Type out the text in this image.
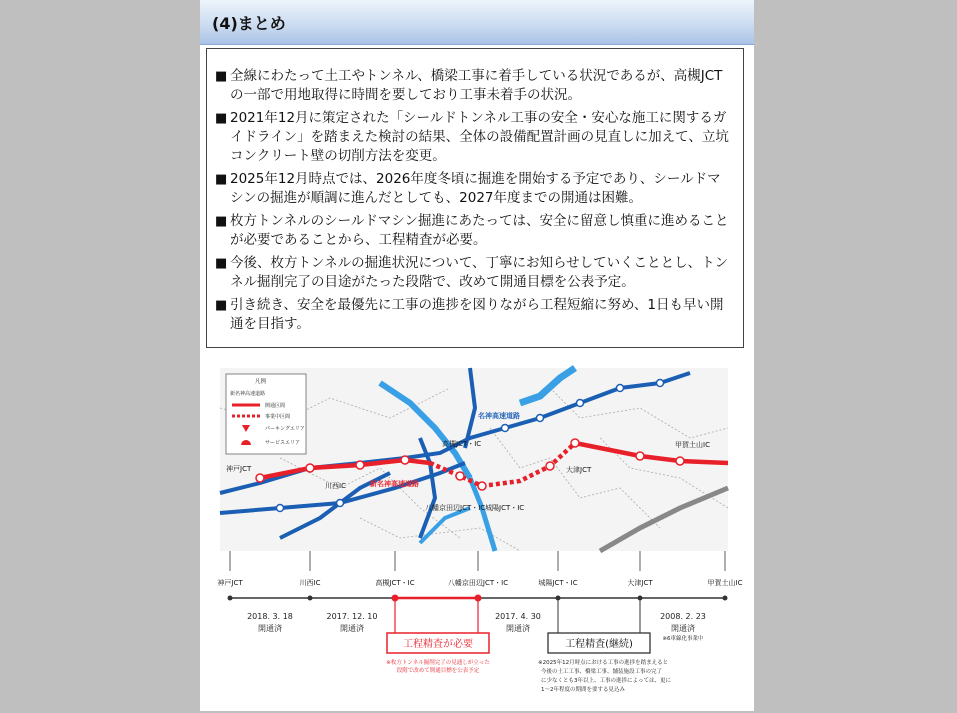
(4)まとめ
■ 全線にわたって土工やトンネル、橋梁工事に着手している状況であるが、高槻JCTの一部で用地取得に時間を要しており工事未着手の状況。
■ 2021年12月に策定された「シールドトンネル工事の安全・安心な施工に関するガイドライン」を踏まえた検討の結果、全体の設備配置計画の見直しに加えて、立坑コンクリート壁の切削方法を変更。
■ 2025年12月時点では、2026年度冬頃に掘進を開始する予定であり、シールドマシンの掘進が順調に進んだとしても、2027年度までの開通は困難。
■ 枚方トンネルのシールドマシン掘進にあたっては、安全に留意し慎重に進めることが必要であることから、工程精査が必要。
■ 今後、枚方トンネルの掘進状況について、丁寧にお知らせしていくこととし、トンネル掘削完了の目途がたった段階で、改めて開通目標を公表予定。
■ 引き続き、安全を最優先に工事の進捗を図りながら工程短縮に努め、1日も早い開通を目指す。
凡例
新名神高速道路
開通区間
事業中区間
パーキングエリア
サービスエリア
神戸JCT
川西IC
高槻JCT・IC
八幡京田辺JCT・IC 城陽JCT・IC
大津JCT
甲賀土山IC
名神高速道路
新名神高速道路
神戸JCT	川西IC	高槻JCT・IC	八幡京田辺JCT・IC	城陽JCT・IC	大津JCT	甲賀土山IC
2018. 3. 18
開通済
2017. 12. 10
開通済
2017. 4. 30
開通済
2008. 2. 23
開通済
※6車線化事業中
工程精査が必要
※枚方トンネル掘削完了の見通しが立った
段階で改めて開通目標を公表予定
工程精査(継続)
※2025年12月時点における工事の進捗を踏まえると
今後の土工工事、橋梁工事、舗装施設工事の完了
に少なくとも3年以上、工事の進捗によっては、更に
1～2年程度の期間を要する見込み
